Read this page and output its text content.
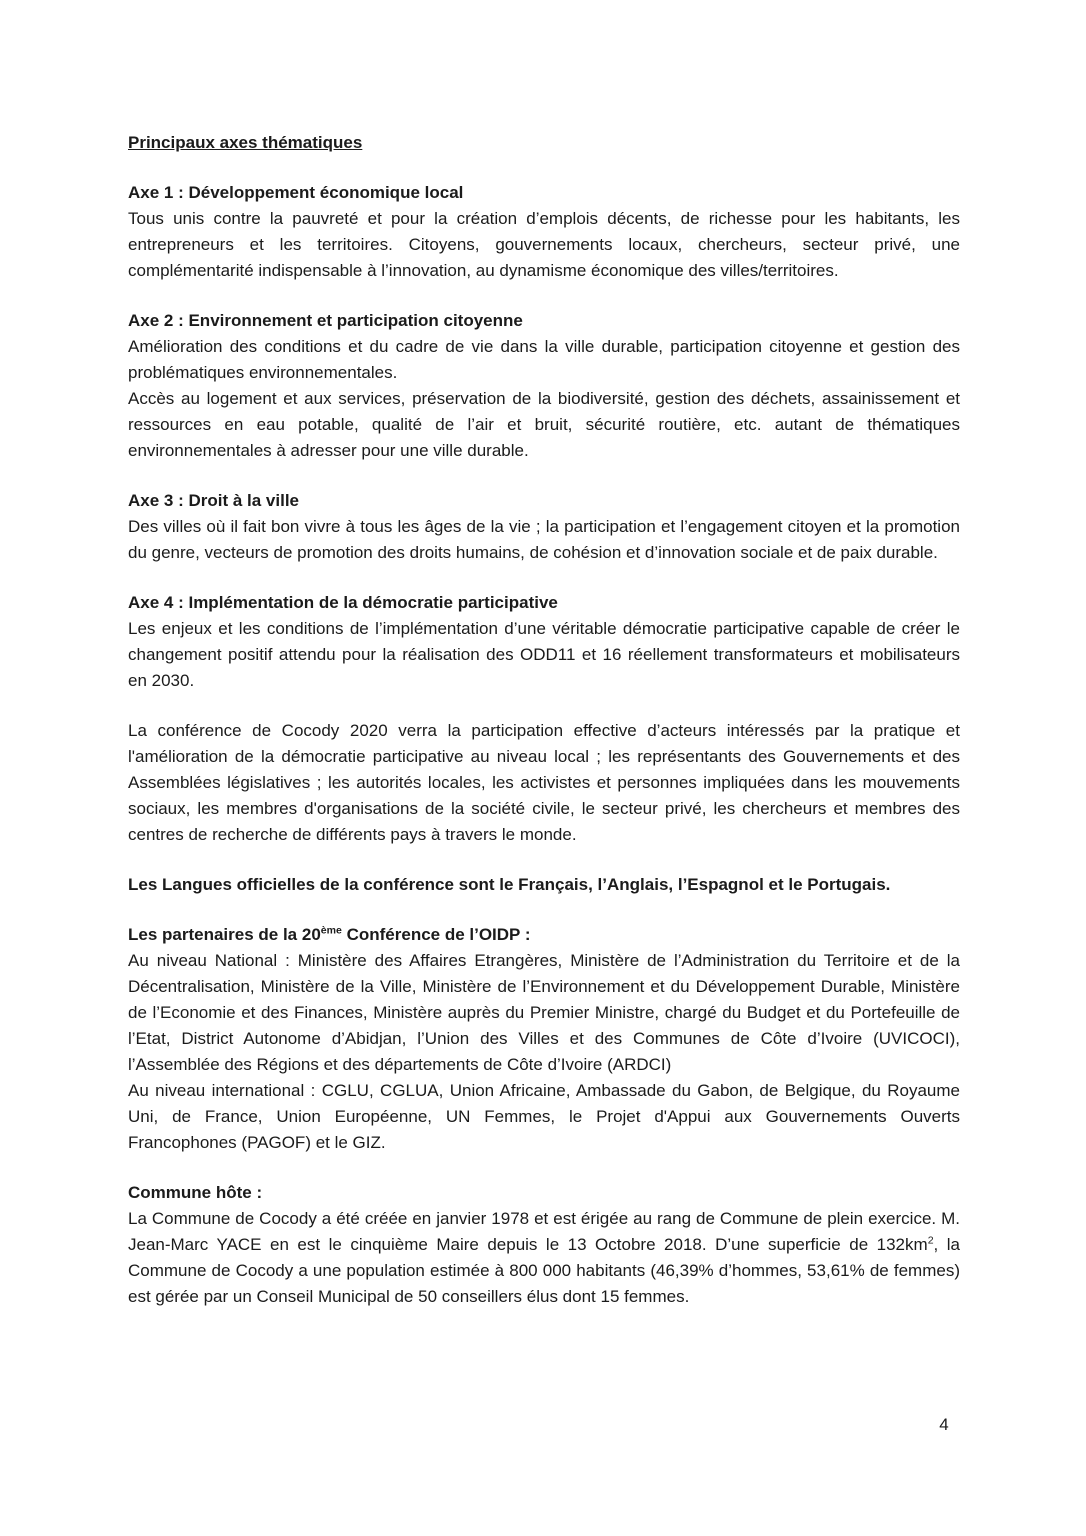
Principaux axes thématiques
Axe 1 : Développement économique local

Tous unis contre la pauvreté et pour la création d’emplois décents, de richesse pour les habitants, les entrepreneurs et les territoires. Citoyens, gouvernements locaux, chercheurs, secteur privé, une complémentarité indispensable à l’innovation, au dynamisme économique des villes/territoires.

Axe 2 : Environnement et participation citoyenne

Amélioration des conditions et du cadre de vie dans la ville durable, participation citoyenne et gestion des problématiques environnementales.

Accès au logement et aux services, préservation de la biodiversité, gestion des déchets, assainissement et ressources en eau potable, qualité de l’air et bruit, sécurité routière, etc. autant de thématiques environnementales à adresser pour une ville durable.

Axe 3 : Droit à la ville

Des villes où il fait bon vivre à tous les âges de la vie ; la participation et l’engagement citoyen et la promotion du genre, vecteurs de promotion des droits humains, de cohésion et d’innovation sociale et de paix durable.

Axe 4 : Implémentation de la démocratie participative

Les enjeux et les conditions de l’implémentation d’une véritable démocratie participative capable de créer le changement positif attendu pour la réalisation des ODD11 et 16 réellement transformateurs et mobilisateurs en 2030.

La conférence de Cocody 2020 verra la participation effective d’acteurs intéressés par la pratique et l'amélioration de la démocratie participative au niveau local ; les représentants des Gouvernements et des Assemblées législatives ; les autorités locales, les activistes et personnes impliquées dans les mouvements sociaux, les membres d'organisations de la société civile, le secteur privé, les chercheurs et membres des centres de recherche de différents pays à travers le monde.

Les Langues officielles de la conférence sont le Français, l’Anglais, l’Espagnol et le Portugais.

Les partenaires de la 20ème Conférence de l’OIDP :

Au niveau National : Ministère des Affaires Etrangères, Ministère de l’Administration du Territoire et de la Décentralisation, Ministère de la Ville, Ministère de l’Environnement et du Développement Durable, Ministère de l’Economie et des Finances, Ministère auprès du Premier Ministre, chargé du Budget et du Portefeuille de l’Etat, District Autonome d’Abidjan, l’Union des Villes et des Communes de Côte d’Ivoire (UVICOCI), l’Assemblée des Régions et des départements de Côte d’Ivoire (ARDCI)

Au niveau international : CGLU, CGLUA, Union Africaine, Ambassade du Gabon, de Belgique, du Royaume Uni, de France, Union Européenne, UN Femmes, le Projet d'Appui aux Gouvernements Ouverts Francophones (PAGOF) et le GIZ.

Commune hôte :

La Commune de Cocody a été créée en janvier 1978 et est érigée au rang de Commune de plein exercice. M. Jean-Marc YACE en est le cinquième Maire depuis le 13 Octobre 2018. D’une superficie de $132km^2$, la Commune de Cocody a une population estimée à 800 000 habitants (46,39% d’hommes, 53,61% de femmes) est gérée par un Conseil Municipal de 50 conseillers élus dont 15 femmes.

4
